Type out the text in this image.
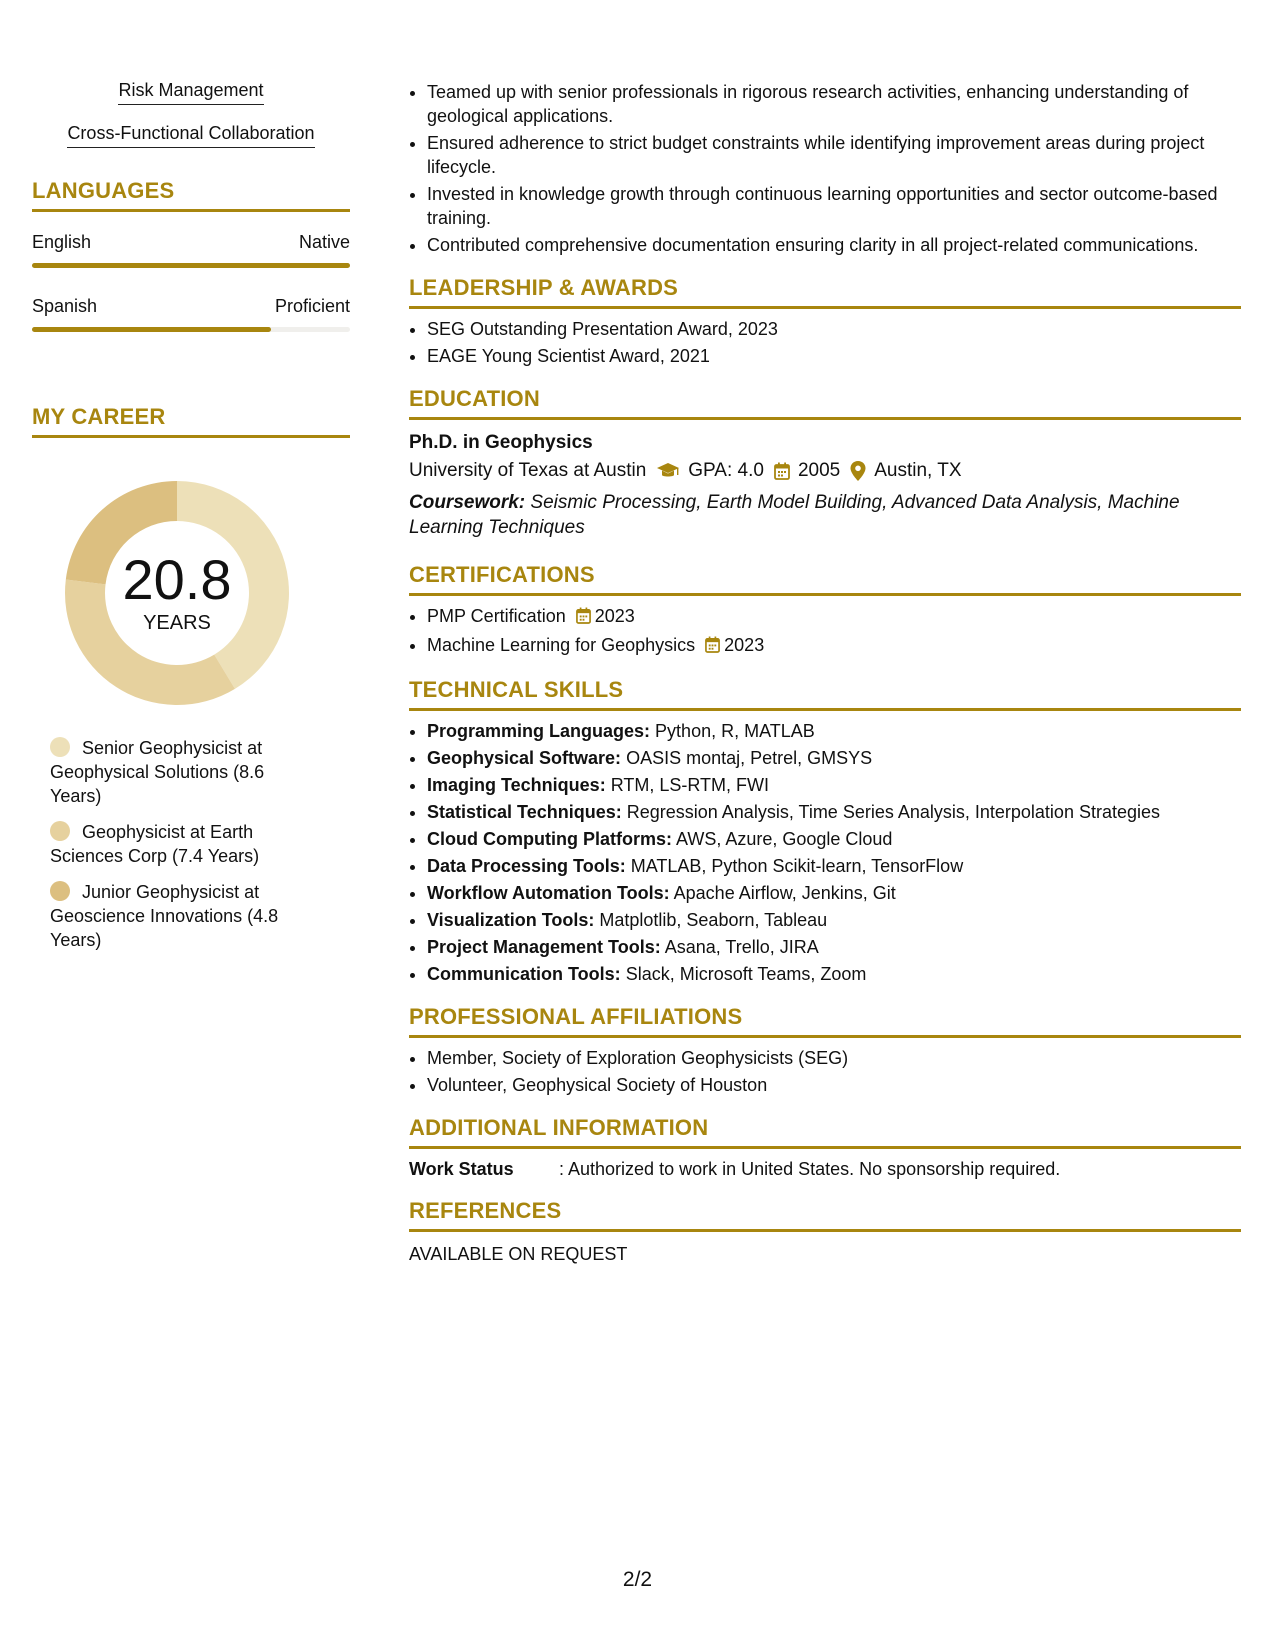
Risk Management
Cross-Functional Collaboration
LANGUAGES
English	Native
Spanish	Proficient
MY CAREER
20.8
YEARS
Senior Geophysicist at Geophysical Solutions (8.6 Years)
Geophysicist at Earth Sciences Corp (7.4 Years)
Junior Geophysicist at Geoscience Innovations (4.8 Years)
• Teamed up with senior professionals in rigorous research activities, enhancing understanding of geological applications.
• Ensured adherence to strict budget constraints while identifying improvement areas during project lifecycle.
• Invested in knowledge growth through continuous learning opportunities and sector outcome-based training.
• Contributed comprehensive documentation ensuring clarity in all project-related communications.
LEADERSHIP & AWARDS
• SEG Outstanding Presentation Award, 2023
• EAGE Young Scientist Award, 2021
EDUCATION
Ph.D. in Geophysics
University of Texas at Austin GPA: 4.0 2005 Austin, TX
Coursework: Seismic Processing, Earth Model Building, Advanced Data Analysis, Machine Learning Techniques
CERTIFICATIONS
• PMP Certification 2023
• Machine Learning for Geophysics 2023
TECHNICAL SKILLS
• Programming Languages: Python, R, MATLAB
• Geophysical Software: OASIS montaj, Petrel, GMSYS
• Imaging Techniques: RTM, LS-RTM, FWI
• Statistical Techniques: Regression Analysis, Time Series Analysis, Interpolation Strategies
• Cloud Computing Platforms: AWS, Azure, Google Cloud
• Data Processing Tools: MATLAB, Python Scikit-learn, TensorFlow
• Workflow Automation Tools: Apache Airflow, Jenkins, Git
• Visualization Tools: Matplotlib, Seaborn, Tableau
• Project Management Tools: Asana, Trello, JIRA
• Communication Tools: Slack, Microsoft Teams, Zoom
PROFESSIONAL AFFILIATIONS
• Member, Society of Exploration Geophysicists (SEG)
• Volunteer, Geophysical Society of Houston
ADDITIONAL INFORMATION
Work Status	: Authorized to work in United States. No sponsorship required.
REFERENCES
AVAILABLE ON REQUEST
2/2
